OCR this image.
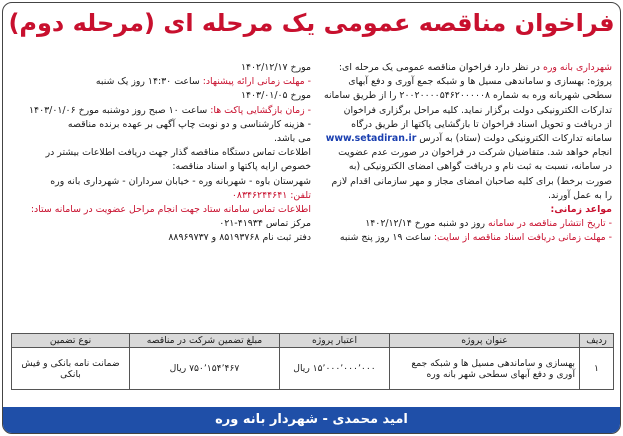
فراخوان مناقصه عمومی یک مرحله ای (مرحله دوم)
شهرداری بانه وره در نظر دارد فراخوان مناقصه عمومی یک مرحله ای:
پروژه: بهسازی و ساماندهی مسیل ها و شبکه جمع آوری و دفع آبهای
سطحی شهربانه وره به شماره ۲۰۰۲۰۰۰۰۵۴۶۲۰۰۰۰۰۸ را از طریق سامانه
تدارکات الکترونیکی دولت برگزار نماید. کلیه مراحل برگزاری فراخوان
از دریافت و تحویل اسناد فراخوان تا بازگشایی پاکتها از طریق درگاه
سامانه تدارکات الکترونیکی دولت (ستاد) به آدرس www.setadiran.ir
انجام خواهد شد. متقاضیان شرکت در فراخوان در صورت عدم عضویت
در سامانه، نسبت به ثبت نام و دریافت گواهی امضای الکترونیکی (به
صورت برخط) برای کلیه صاحبان امضای مجاز و مهر سازمانی اقدام لازم
را به عمل آورند.
مواعد زمانی:
- تاریخ انتشار مناقصه در سامانه روز دو شنبه مورخ ۱۴۰۲/۱۲/۱۴
- مهلت زمانی دریافت اسناد مناقصه از سایت: ساعت ۱۹ روز پنج شنبه
مورخ ۱۴۰۲/۱۲/۱۷
- مهلت زمانی ارائه پیشنهاد: ساعت ۱۴:۳۰ روز یک شنبه
مورخ ۱۴۰۳/۰۱/۰۵
- زمان بازگشایی پاکت ها: ساعت ۱۰ صبح روز دوشنبه مورخ ۱۴۰۳/۰۱/۰۶
- هزینه کارشناسی و دو نوبت چاپ آگهی بر عهده برنده مناقصه
می باشد.
اطلاعات تماس دستگاه مناقصه گذار جهت دریافت اطلاعات بیشتر در
خصوص ارایه پاکتها و اسناد مناقصه:
شهرستان باوه - شهربانه وره - خیابان سرداران - شهرداری بانه وره
تلفن: ۰۸۳۴۶۲۴۴۶۴۱
اطلاعات تماس سامانه ستاد جهت انجام مراحل عضویت در سامانه ستاد:
مرکز تماس ۴۱۹۳۴-۰۲۱
دفتر ثبت نام ۸۵۱۹۳۷۶۸ و ۸۸۹۶۹۷۳۷
ردیف	عنوان پروژه	اعتبار پروژه	مبلغ تضمین شرکت در مناقصه	نوع تضمین
۱	بهسازی و ساماندهی مسیل ها و شبکه جمع آوری و دفع آبهای سطحی شهر بانه وره	۱۵٬۰۰۰٬۰۰۰٬۰۰۰ ریال	۷۵۰٬۱۵۴٬۴۶۷ ریال	ضمانت نامه بانکی و فیش بانکی
امید محمدی - شهردار بانه وره
